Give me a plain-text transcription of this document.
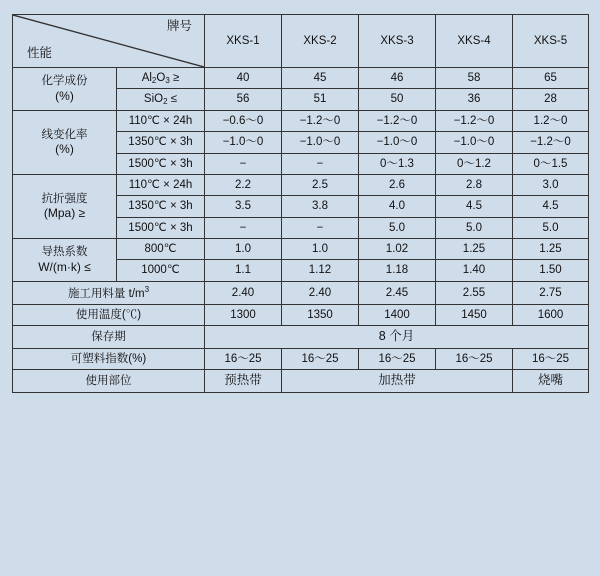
性能
牌号		XKS-1	XKS-2	XKS-3	XKS-4	XKS-5

化学成份
(%)	$Al_2O_3$ ≥	40	45	46	58	65
	SiO$_2$ ≤	56	51	50	36	28

线变化率
(%)	110℃ × 24h	−0.6～0	−1.2～0	−1.2～0	−1.2～0	1.2～0
	1350℃ × 3h	−1.0～0	−1.0～0	−1.0～0	−1.0～0	−1.2～0
	1500℃ × 3h	−	−	0～1.3	0～1.2	0～1.5

抗折强度
(Mpa) ≥	110℃ × 24h	2.2	2.5	2.6	2.8	3.0
	1350℃ × 3h	3.5	3.8	4.0	4.5	4.5
	1500℃ × 3h	−	−	5.0	5.0	5.0

导热系数
W/(m·k) ≤	800℃	1.0	1.0	1.02	1.25	1.25
	1000℃	1.1	1.12	1.18	1.40	1.50
施工用料量 $t/m^3$		2.40	2.40	2.45	2.55	2.75
使用温度(℃)		1300	1350	1400	1450	1600
保存期		8 个月				
可塑料指数(%)		16～25	16～25	16～25	16～25	16～25
使用部位		预热带	加热带			烧嘴
